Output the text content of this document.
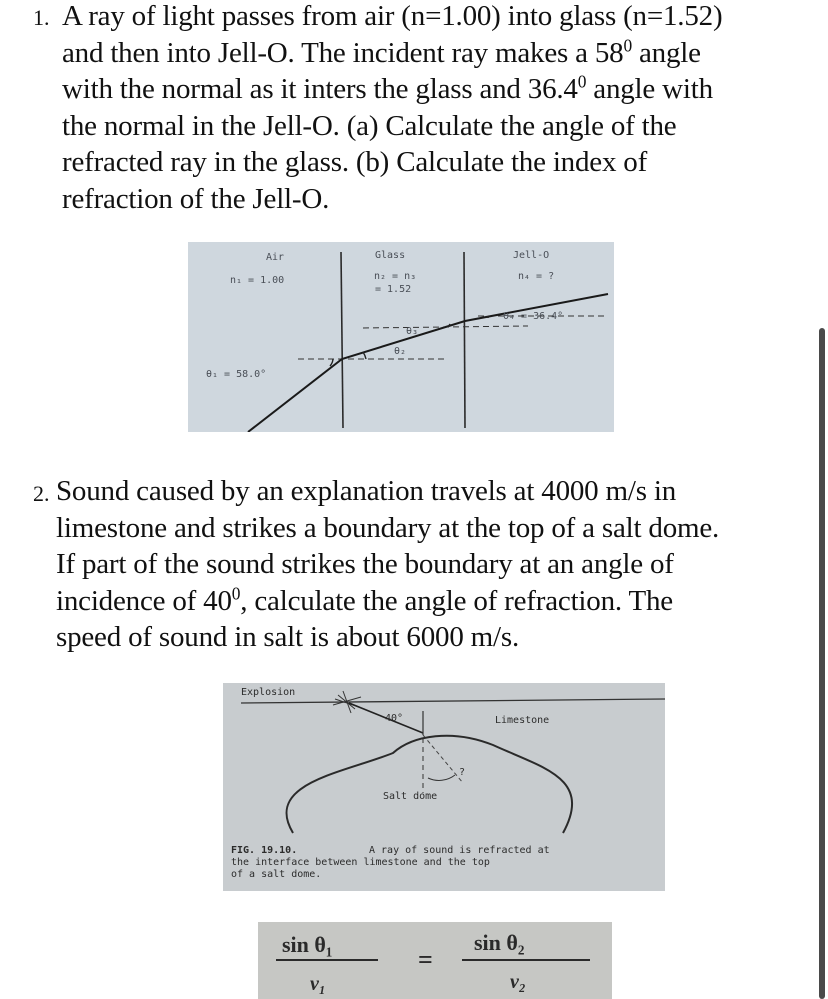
1. A ray of light passes from air (n=1.00) into glass (n=1.52)
and then into Jell-O. The incident ray makes a $58^0$ angle
with the normal as it inters the glass and 36.4$^0$ angle with
the normal in the Jell-O. (a) Calculate the angle of the
refracted ray in the glass. (b) Calculate the index of
refraction of the Jell-O.

Air	Glass	Jell-O
n₁ = 1.00	n₂ = n₃
= 1.52
n₄ = ?
θ₁ = 58.0°
θ₂
θ₃
θ₄ = 36.4°
2. Sound caused by an explanation travels at 4000 m/s in
limestone and strikes a boundary at the top of a salt dome.
If part of the sound strikes the boundary at an angle of
incidence of $40^0$, calculate the angle of refraction. The
speed of sound in salt is about 6000 m/s.

Explosion
40°	Limestone
?
Salt dome
FIG. 19.10.	A ray of sound is refracted at
the interface between limestone and the top
of a salt dome.
sin θ₁
v₁
=
sin θ₂
v₂
